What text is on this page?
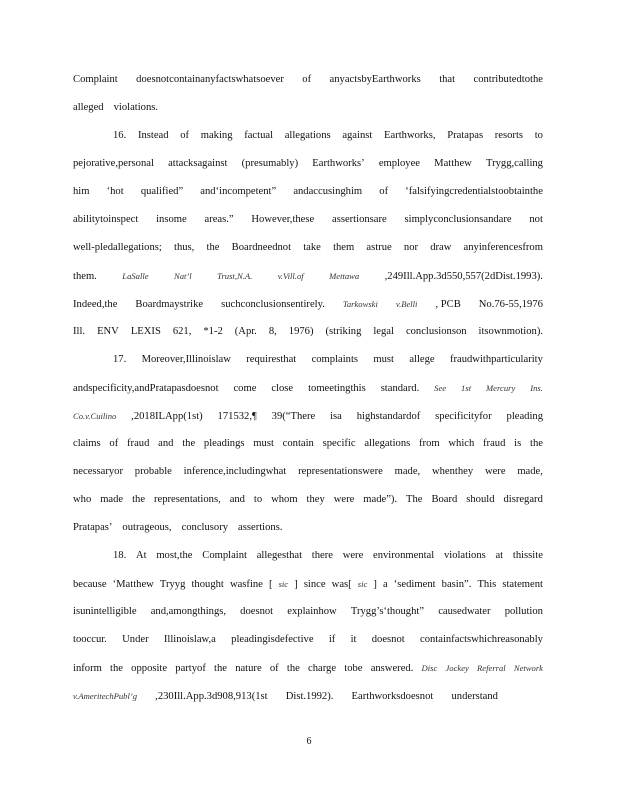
Complaint doesnotcontainanyfactswhatsoever of anyactsbyEarthworks that contributedtothe
alleged violations.
16. Instead of making factual allegations against Earthworks, Pratapas resorts to
pejorative,personal attacksagainst (presumably) Earthworks’ employee Matthew Trygg,calling
him ‘hot qualified” and‘incompetent” andaccusinghim of ‘falsifyingcredentialstoobtainthe
abilitytoinspect insome areas.” However,these assertionsare simplyconclusionsandare not
well-pledallegations; thus, the Boardneednot take them astrue nor draw anyinferencesfrom
them.	LaSalle	Nat’l	Trust,N.A.	v.Vill.of	Mettawa ,249Ill.App.3d550,557(2dDist.1993).
Indeed,the Boardmaystrike suchconclusionsentirely. Tarkowski v.Belli , PCB No.76-55,1976
Ill. ENV LEXIS 621, *1-2 (Apr. 8, 1976) (striking legal conclusionson itsownmotion).
17. Moreover,Illinoislaw requiresthat complaints must allege fraudwithparticularity
andspecificity,andPratapasdoesnot come close tomeetingthis standard. See 1st Mercury Ins.
Co.v.Cuilino ,2018ILApp(1st) 171532,¶ 39(“There isa highstandardof specificityfor pleading
claims of fraud and the pleadings must contain specific allegations from which fraud is the
necessaryor probable inference,includingwhat representationswere made, whenthey were made,
who made the representations, and to whom they were made”). The Board should disregard
Pratapas’ outrageous, conclusory assertions.
18. At most,the Complaint allegesthat there were environmental violations at thissite
because ‘Matthew Tryyg thought wasfine [ sic ] since was[ sic ] a ‘sediment basin”. This statement
isunintelligible and,amongthings, doesnot explainhow Trygg’s‘thought” causedwater pollution
tooccur. Under Illinoislaw,a pleadingisdefective if it doesnot containfactswhichreasonably
inform the opposite partyof the nature of the charge tobe answered. Disc Jockey Referral Network
v.AmeritechPubl’g ,230Ill.App.3d908,913(1st Dist.1992). Earthworksdoesnot understand
6
